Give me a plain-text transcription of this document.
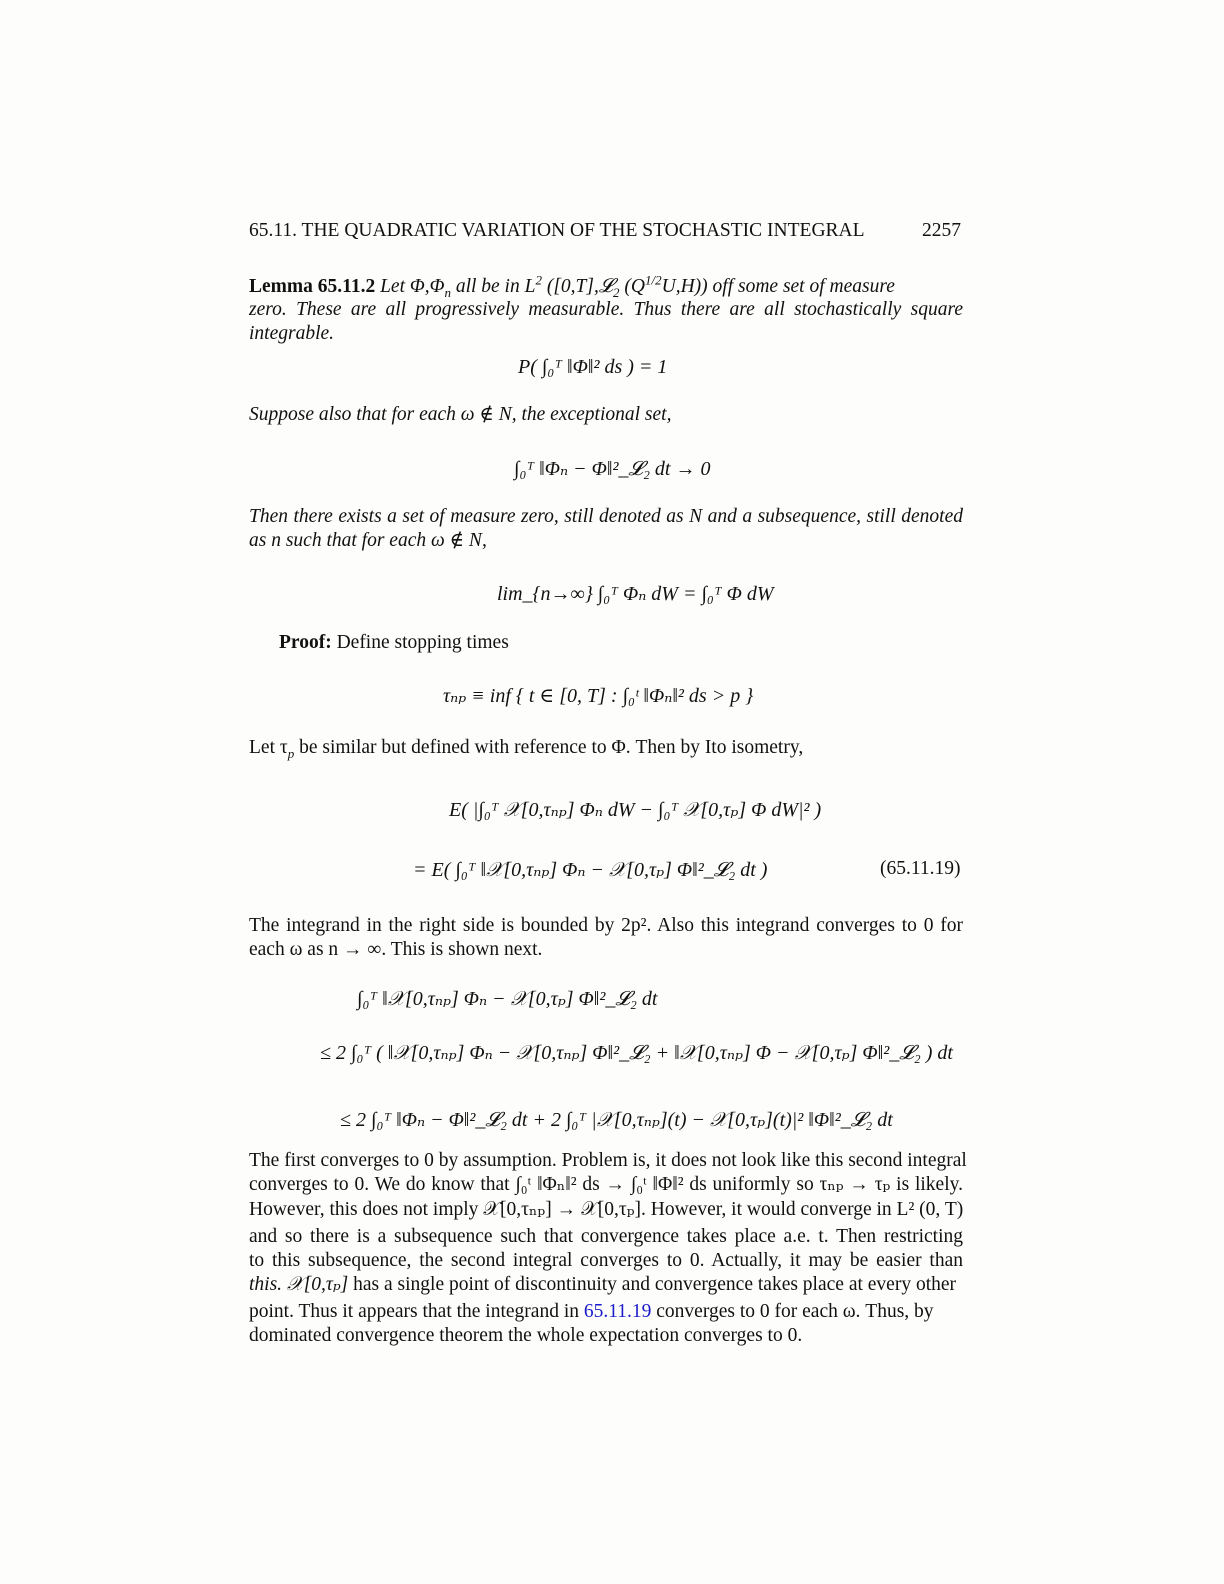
65.11. THE QUADRATIC VARIATION OF THE STOCHASTIC INTEGRAL	2257
Lemma 65.11.2 Let $\Phi,\Phi_n$ all be in $L^2$ ([0,T],𝓛$_2$ $(Q^{1/2}U,H)$) off some set of measure
zero. These are all progressively measurable. Thus there are all stochastically square
integrable.
P( ∫₀ᵀ ‖Φ‖² ds ) = 1
Suppose also that for each ω ∉ N, the exceptional set,
∫₀ᵀ ‖Φₙ − Φ‖²_𝓛₂ dt → 0
Then there exists a set of measure zero, still denoted as N and a subsequence, still denoted
as n such that for each ω ∉ N,
lim_{n→∞} ∫₀ᵀ Φₙ dW = ∫₀ᵀ Φ dW
Proof: Define stopping times
τₙₚ ≡ inf { t ∈ [0, T] : ∫₀ᵗ ‖Φₙ‖² ds > p }
Let $\tau_p$ be similar but defined with reference to Φ. Then by Ito isometry,
E( |∫₀ᵀ 𝒳[0,τₙₚ] Φₙ dW − ∫₀ᵀ 𝒳[0,τₚ] Φ dW|² )
= E( ∫₀ᵀ ‖𝒳[0,τₙₚ] Φₙ − 𝒳[0,τₚ] Φ‖²_𝓛₂ dt )	(65.11.19)
The integrand in the right side is bounded by 2p². Also this integrand converges to 0 for
each ω as n → ∞. This is shown next.
∫₀ᵀ ‖𝒳[0,τₙₚ] Φₙ − 𝒳[0,τₚ] Φ‖²_𝓛₂ dt
≤ 2 ∫₀ᵀ ( ‖𝒳[0,τₙₚ] Φₙ − 𝒳[0,τₙₚ] Φ‖²_𝓛₂ + ‖𝒳[0,τₙₚ] Φ − 𝒳[0,τₚ] Φ‖²_𝓛₂ ) dt
≤ 2 ∫₀ᵀ ‖Φₙ − Φ‖²_𝓛₂ dt + 2 ∫₀ᵀ |𝒳[0,τₙₚ](t) − 𝒳[0,τₚ](t)|² ‖Φ‖²_𝓛₂ dt
The first converges to 0 by assumption. Problem is, it does not look like this second integral
converges to 0. We do know that ∫₀ᵗ ‖Φₙ‖² ds → ∫₀ᵗ ‖Φ‖² ds uniformly so τₙₚ → τₚ is likely.
However, this does not imply 𝒳[0,τₙₚ] → 𝒳[0,τₚ]. However, it would converge in L² (0, T)
and so there is a subsequence such that convergence takes place a.e. t. Then restricting
to this subsequence, the second integral converges to 0. Actually, it may be easier than
this. 𝒳[0,τₚ] has a single point of discontinuity and convergence takes place at every other
point. Thus it appears that the integrand in 65.11.19 converges to 0 for each ω. Thus, by
dominated convergence theorem the whole expectation converges to 0.
